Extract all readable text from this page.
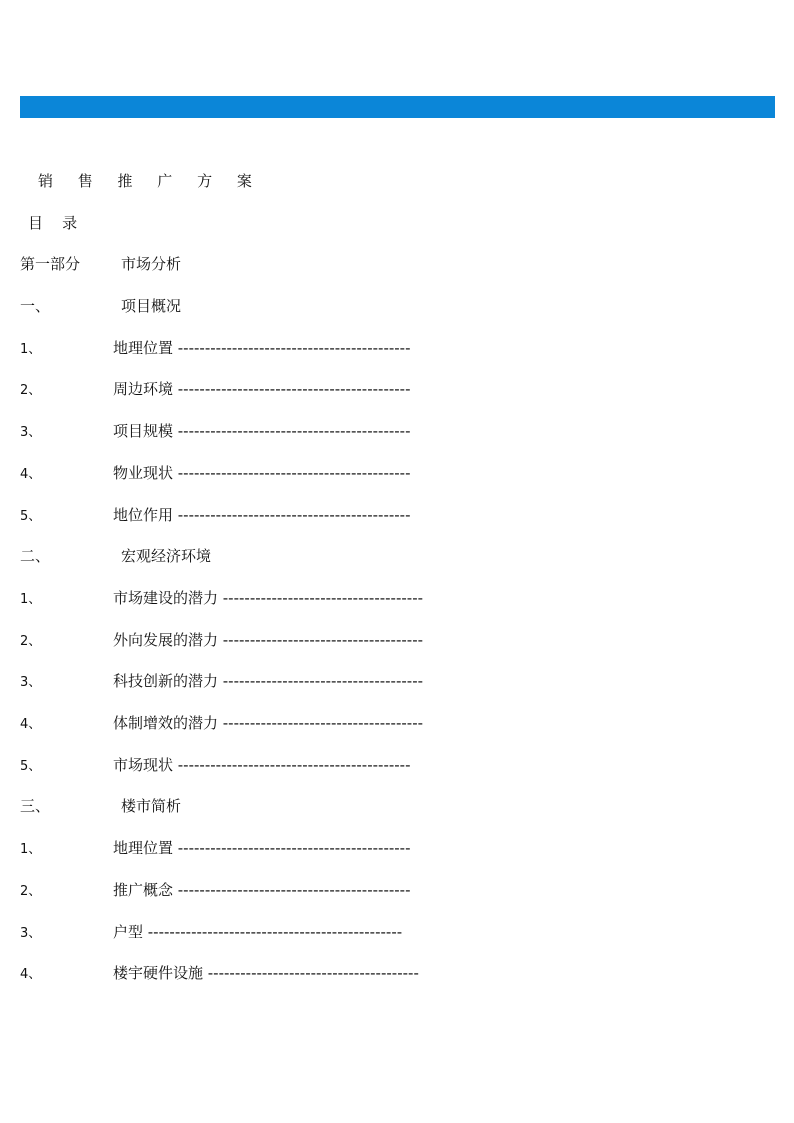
销 售 推 广 方 案
目    录
第一部分	市场分析
一、	项目概况
1、	地理位置 -------------------------------------------
2、	周边环境 -------------------------------------------
3、	项目规模 -------------------------------------------
4、	物业现状 -------------------------------------------
5、	地位作用 -------------------------------------------
二、	宏观经济环境
1、	市场建设的潜力 -------------------------------------
2、	外向发展的潜力 -------------------------------------
3、	科技创新的潜力 -------------------------------------
4、	体制增效的潜力 -------------------------------------
5、	市场现状 -------------------------------------------
三、	楼市简析
1、	地理位置 -------------------------------------------
2、	推广概念 -------------------------------------------
3、	户型 -----------------------------------------------
4、	楼宇硬件设施 ---------------------------------------
